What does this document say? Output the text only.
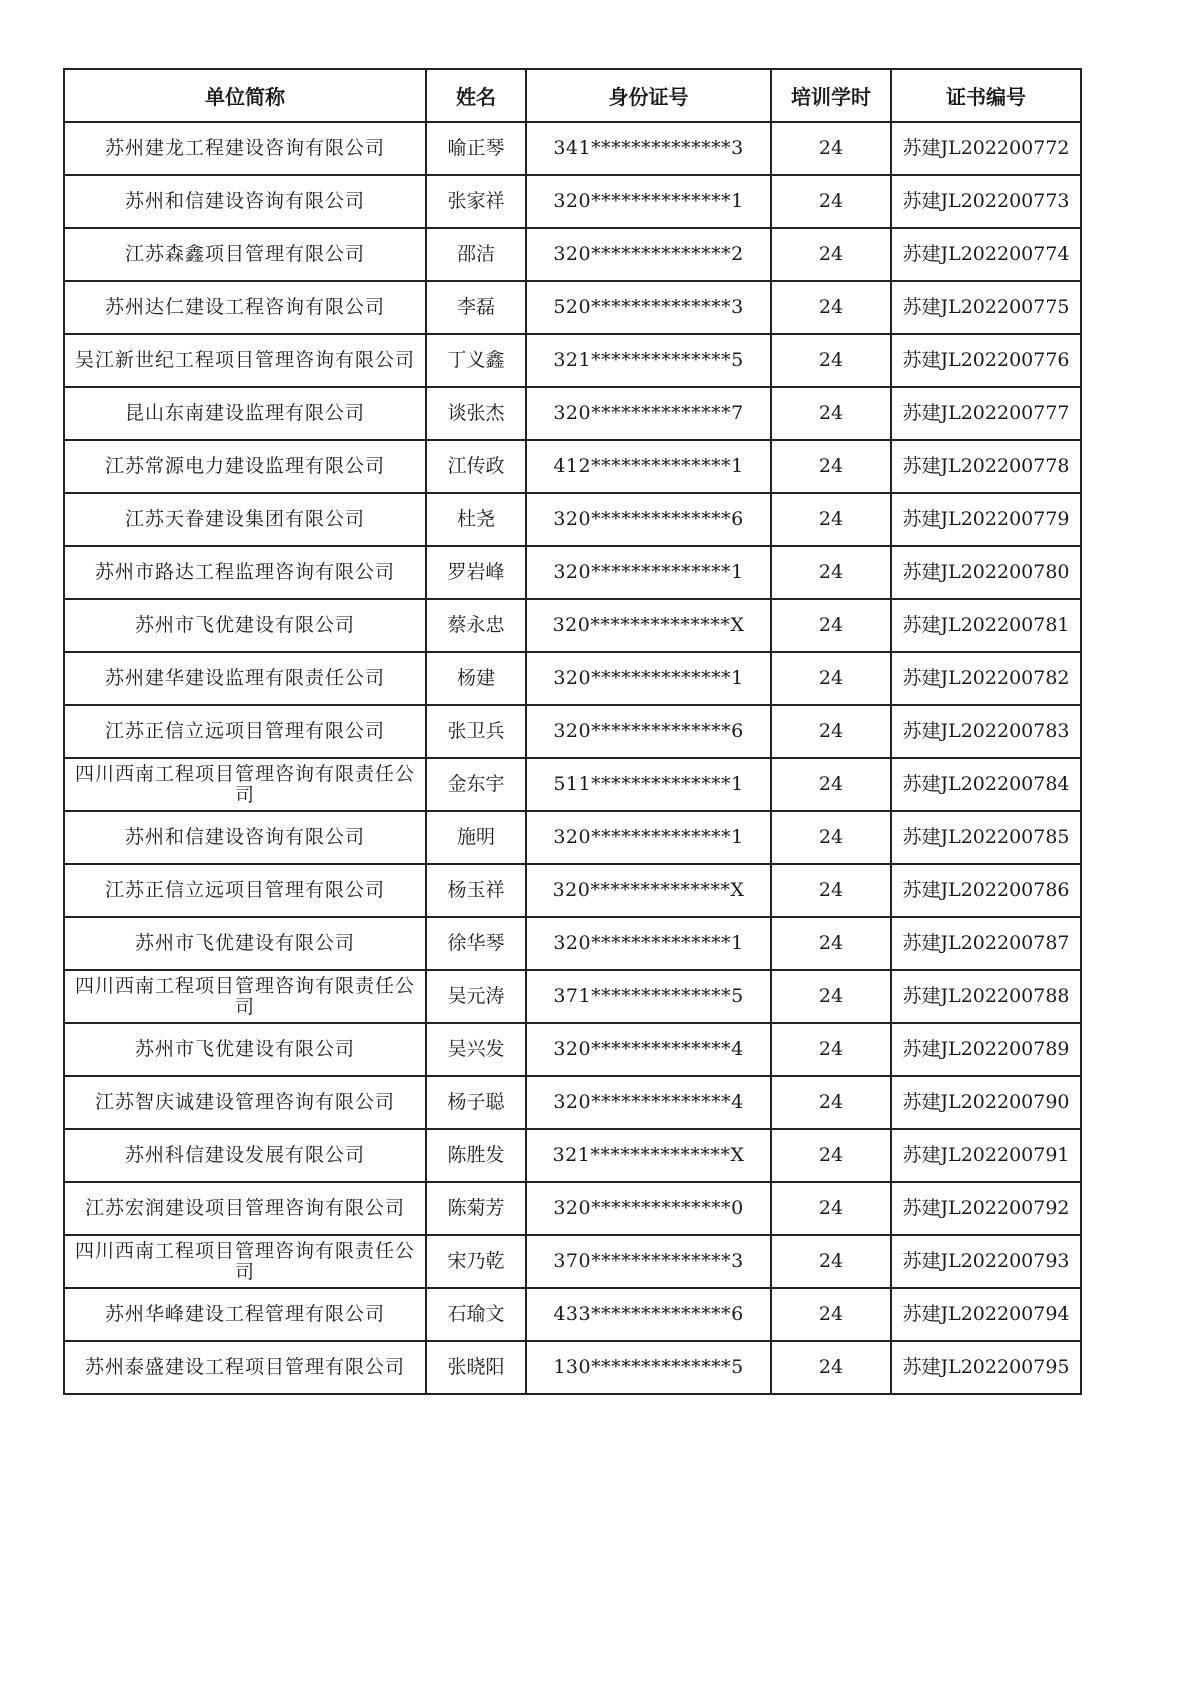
单位简称	姓名	身份证号	培训学时	证书编号
苏州建龙工程建设咨询有限公司	喻正琴	341**************3	24	苏建JL202200772
苏州和信建设咨询有限公司	张家祥	320**************1	24	苏建JL202200773
江苏森鑫项目管理有限公司	邵洁	320**************2	24	苏建JL202200774
苏州达仁建设工程咨询有限公司	李磊	520**************3	24	苏建JL202200775
吴江新世纪工程项目管理咨询有限公司	丁义鑫	321**************5	24	苏建JL202200776
昆山东南建设监理有限公司	谈张杰	320**************7	24	苏建JL202200777
江苏常源电力建设监理有限公司	江传政	412**************1	24	苏建JL202200778
江苏天眷建设集团有限公司	杜尧	320**************6	24	苏建JL202200779
苏州市路达工程监理咨询有限公司	罗岩峰	320**************1	24	苏建JL202200780
苏州市飞优建设有限公司	蔡永忠	320**************X	24	苏建JL202200781
苏州建华建设监理有限责任公司	杨建	320**************1	24	苏建JL202200782
江苏正信立远项目管理有限公司	张卫兵	320**************6	24	苏建JL202200783
四川西南工程项目管理咨询有限责任公司	金东宇	511**************1	24	苏建JL202200784
苏州和信建设咨询有限公司	施明	320**************1	24	苏建JL202200785
江苏正信立远项目管理有限公司	杨玉祥	320**************X	24	苏建JL202200786
苏州市飞优建设有限公司	徐华琴	320**************1	24	苏建JL202200787
四川西南工程项目管理咨询有限责任公司	吴元涛	371**************5	24	苏建JL202200788
苏州市飞优建设有限公司	吴兴发	320**************4	24	苏建JL202200789
江苏智庆诚建设管理咨询有限公司	杨子聪	320**************4	24	苏建JL202200790
苏州科信建设发展有限公司	陈胜发	321**************X	24	苏建JL202200791
江苏宏润建设项目管理咨询有限公司	陈菊芳	320**************0	24	苏建JL202200792
四川西南工程项目管理咨询有限责任公司	宋乃乾	370**************3	24	苏建JL202200793
苏州华峰建设工程管理有限公司	石瑜文	433**************6	24	苏建JL202200794
苏州泰盛建设工程项目管理有限公司	张晓阳	130**************5	24	苏建JL202200795
